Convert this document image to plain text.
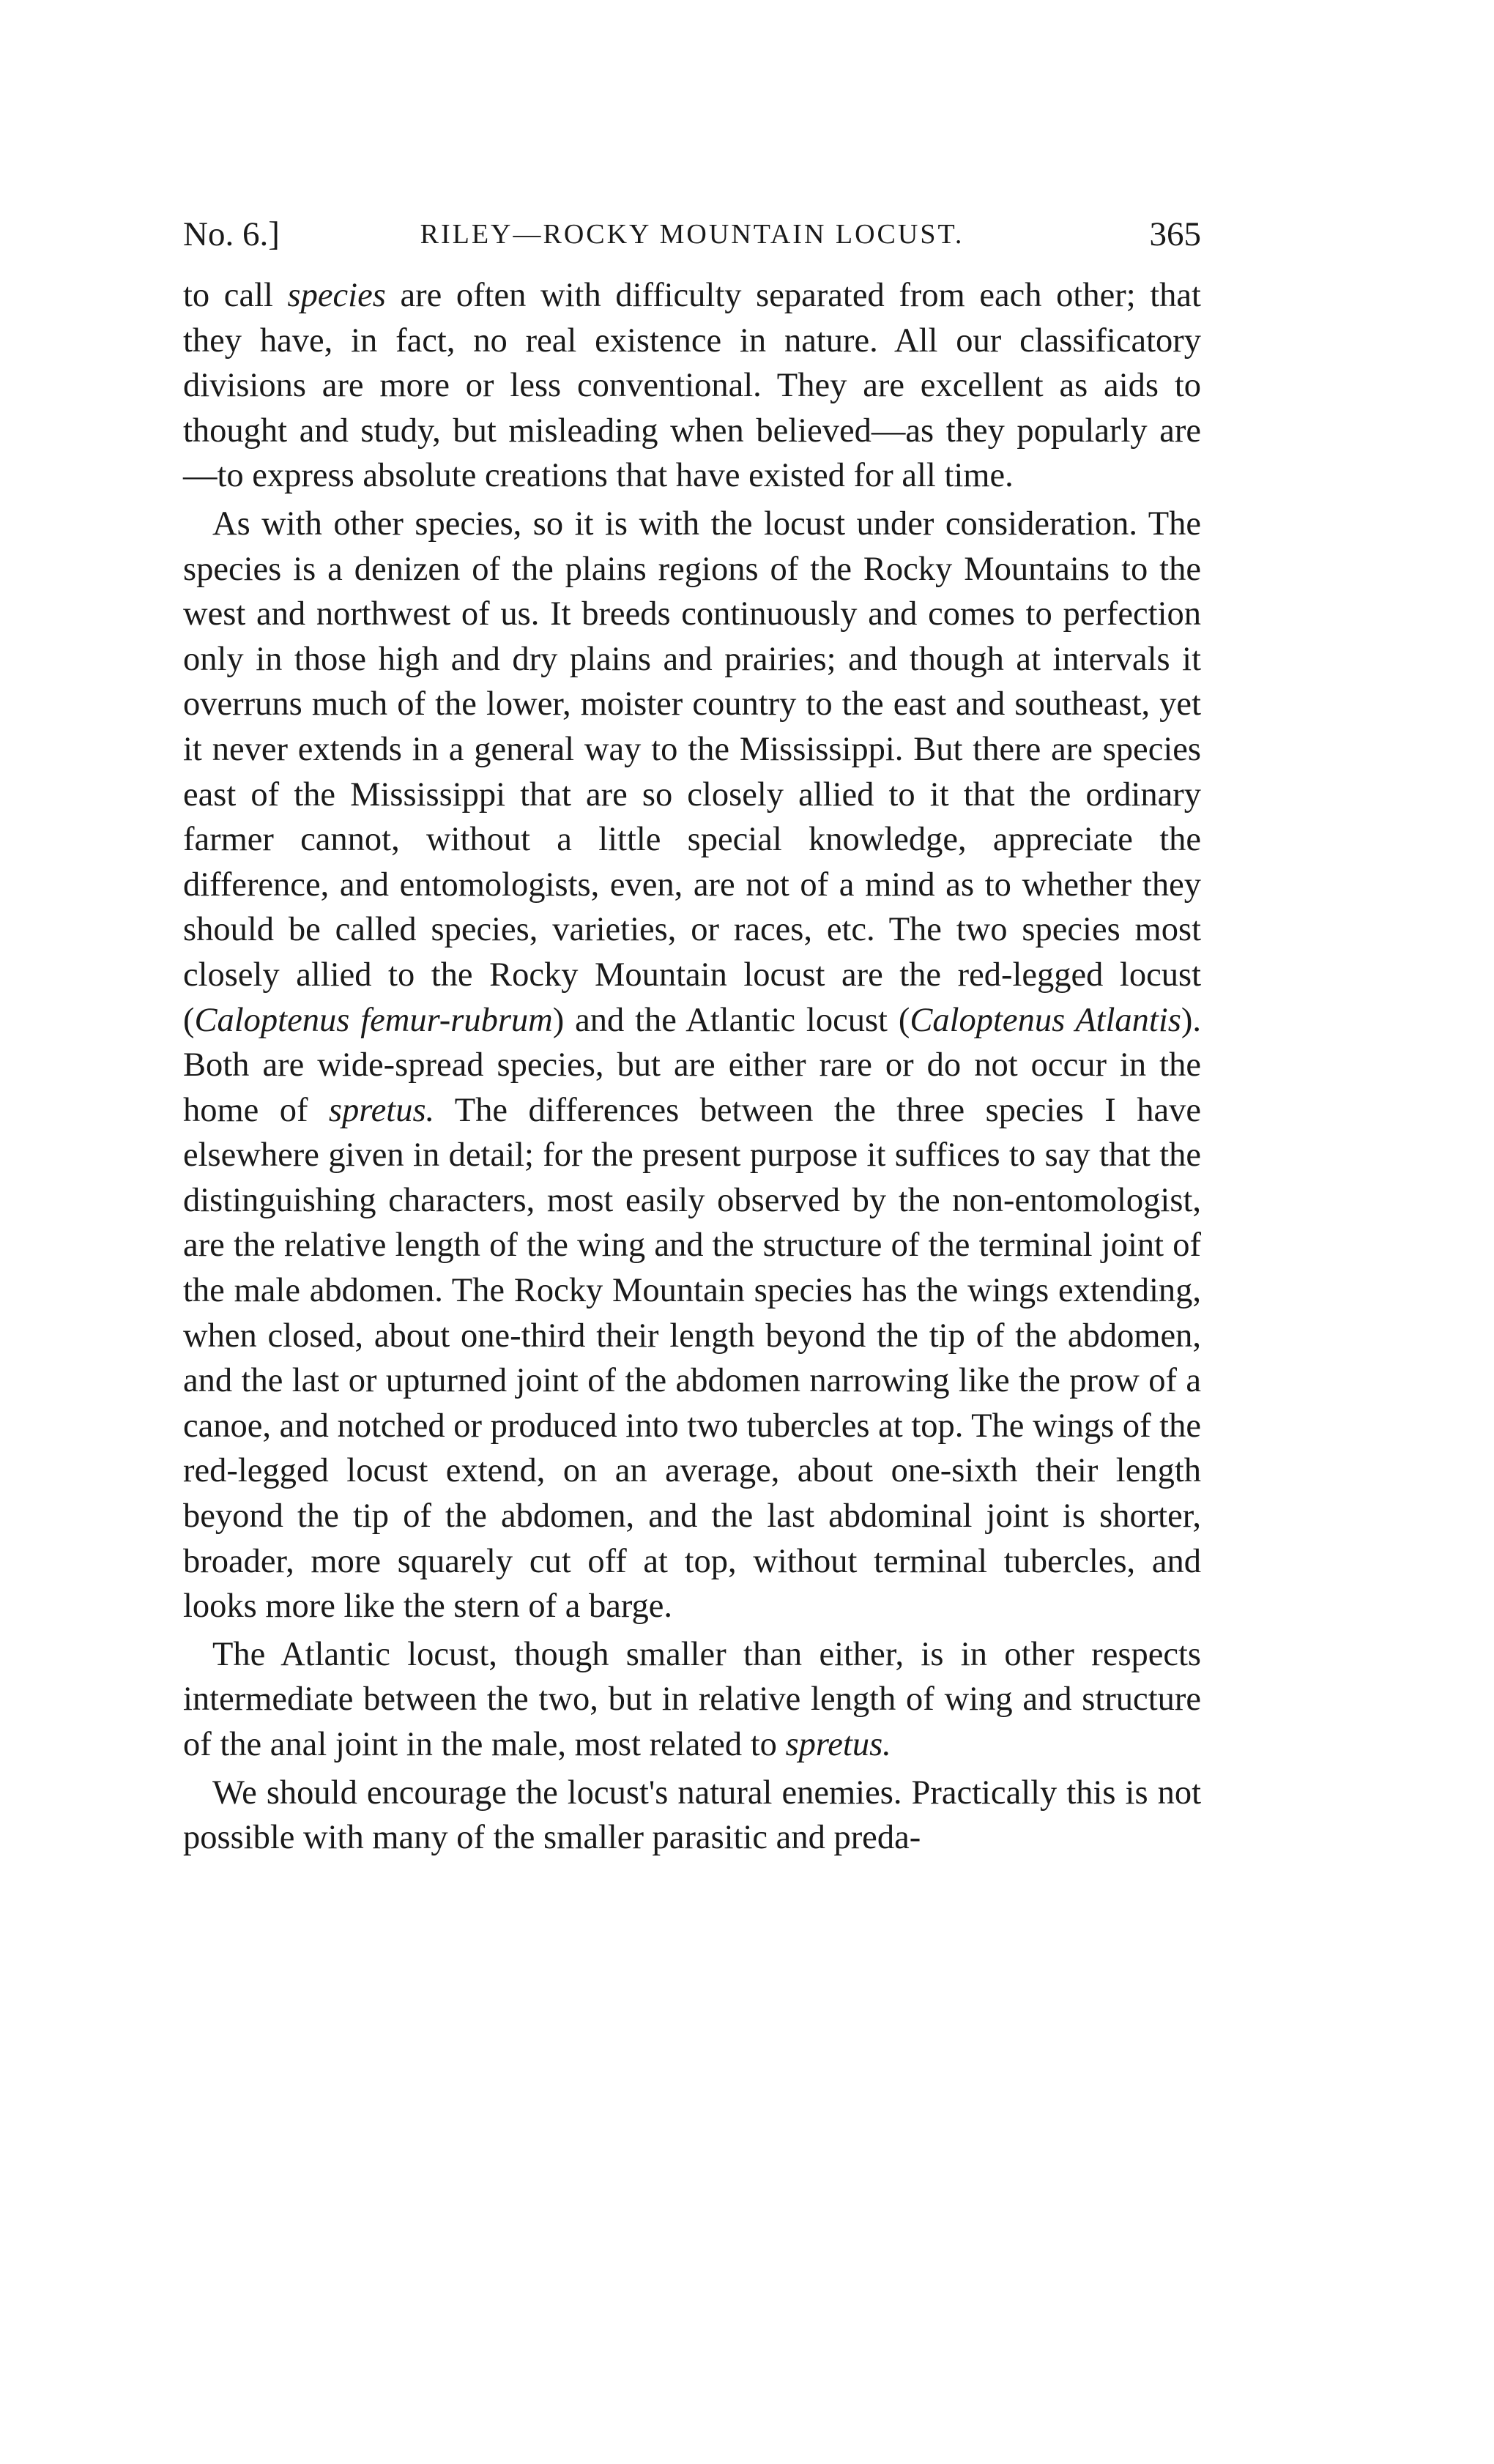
No. 6.]	RILEY—ROCKY MOUNTAIN LOCUST.	365

to call species are often with difficulty separated from each other; that they have, in fact, no real existence in nature. All our classificatory divisions are more or less conventional. They are excellent as aids to thought and study, but misleading when believed—as they popularly are—to express absolute creations that have existed for all time.

As with other species, so it is with the locust under consideration. The species is a denizen of the plains regions of the Rocky Mountains to the west and northwest of us. It breeds continuously and comes to perfection only in those high and dry plains and prairies; and though at intervals it overruns much of the lower, moister country to the east and southeast, yet it never extends in a general way to the Mississippi. But there are species east of the Mississippi that are so closely allied to it that the ordinary farmer cannot, without a little special knowledge, appreciate the difference, and entomologists, even, are not of a mind as to whether they should be called species, varieties, or races, etc. The two species most closely allied to the Rocky Mountain locust are the red-legged locust (Caloptenus femur-rubrum) and the Atlantic locust (Caloptenus Atlantis). Both are wide-spread species, but are either rare or do not occur in the home of spretus. The differences between the three species I have elsewhere given in detail; for the present purpose it suffices to say that the distinguishing characters, most easily observed by the non-entomologist, are the relative length of the wing and the structure of the terminal joint of the male abdomen. The Rocky Mountain species has the wings extending, when closed, about one-third their length beyond the tip of the abdomen, and the last or upturned joint of the abdomen narrowing like the prow of a canoe, and notched or produced into two tubercles at top. The wings of the red-legged locust extend, on an average, about one-sixth their length beyond the tip of the abdomen, and the last abdominal joint is shorter, broader, more squarely cut off at top, without terminal tubercles, and looks more like the stern of a barge.

The Atlantic locust, though smaller than either, is in other respects intermediate between the two, but in relative length of wing and structure of the anal joint in the male, most related to spretus.

We should encourage the locust's natural enemies. Practically this is not possible with many of the smaller parasitic and preda-
